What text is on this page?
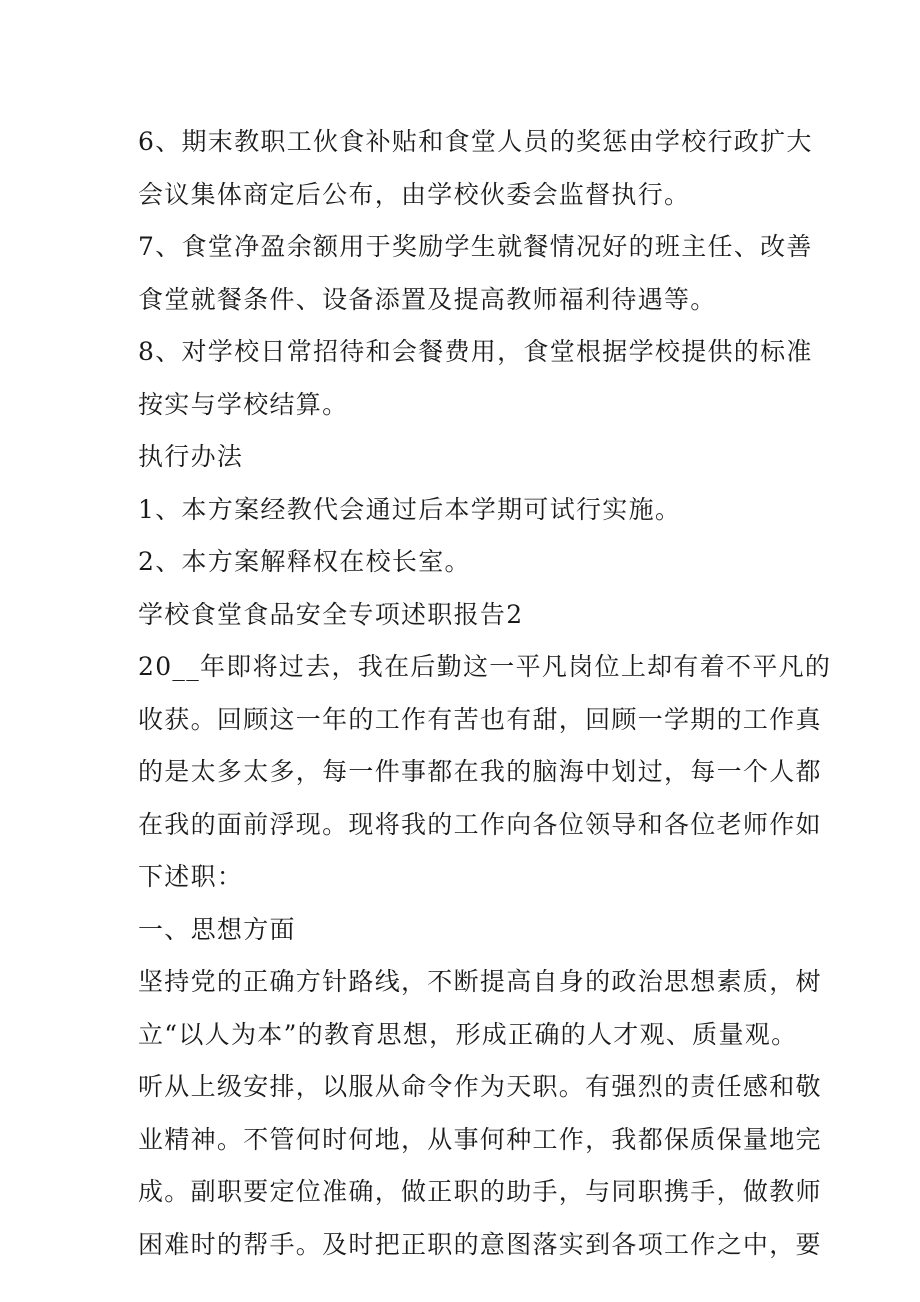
6、期末教职工伙食补贴和食堂人员的奖惩由学校行政扩大
会议集体商定后公布，由学校伙委会监督执行。
7、食堂净盈余额用于奖励学生就餐情况好的班主任、改善
食堂就餐条件、设备添置及提高教师福利待遇等。
8、对学校日常招待和会餐费用，食堂根据学校提供的标准
按实与学校结算。
执行办法
1、本方案经教代会通过后本学期可试行实施。
2、本方案解释权在校长室。
学校食堂食品安全专项述职报告2
20__年即将过去，我在后勤这一平凡岗位上却有着不平凡的
收获。回顾这一年的工作有苦也有甜，回顾一学期的工作真
的是太多太多，每一件事都在我的脑海中划过，每一个人都
在我的面前浮现。现将我的工作向各位领导和各位老师作如
下述职：
一、思想方面
坚持党的正确方针路线，不断提高自身的政治思想素质，树
立“以人为本”的教育思想，形成正确的人才观、质量观。
听从上级安排，以服从命令作为天职。有强烈的责任感和敬
业精神。不管何时何地，从事何种工作，我都保质保量地完
成。副职要定位准确，做正职的助手，与同职携手，做教师
困难时的帮手。及时把正职的意图落实到各项工作之中，要
